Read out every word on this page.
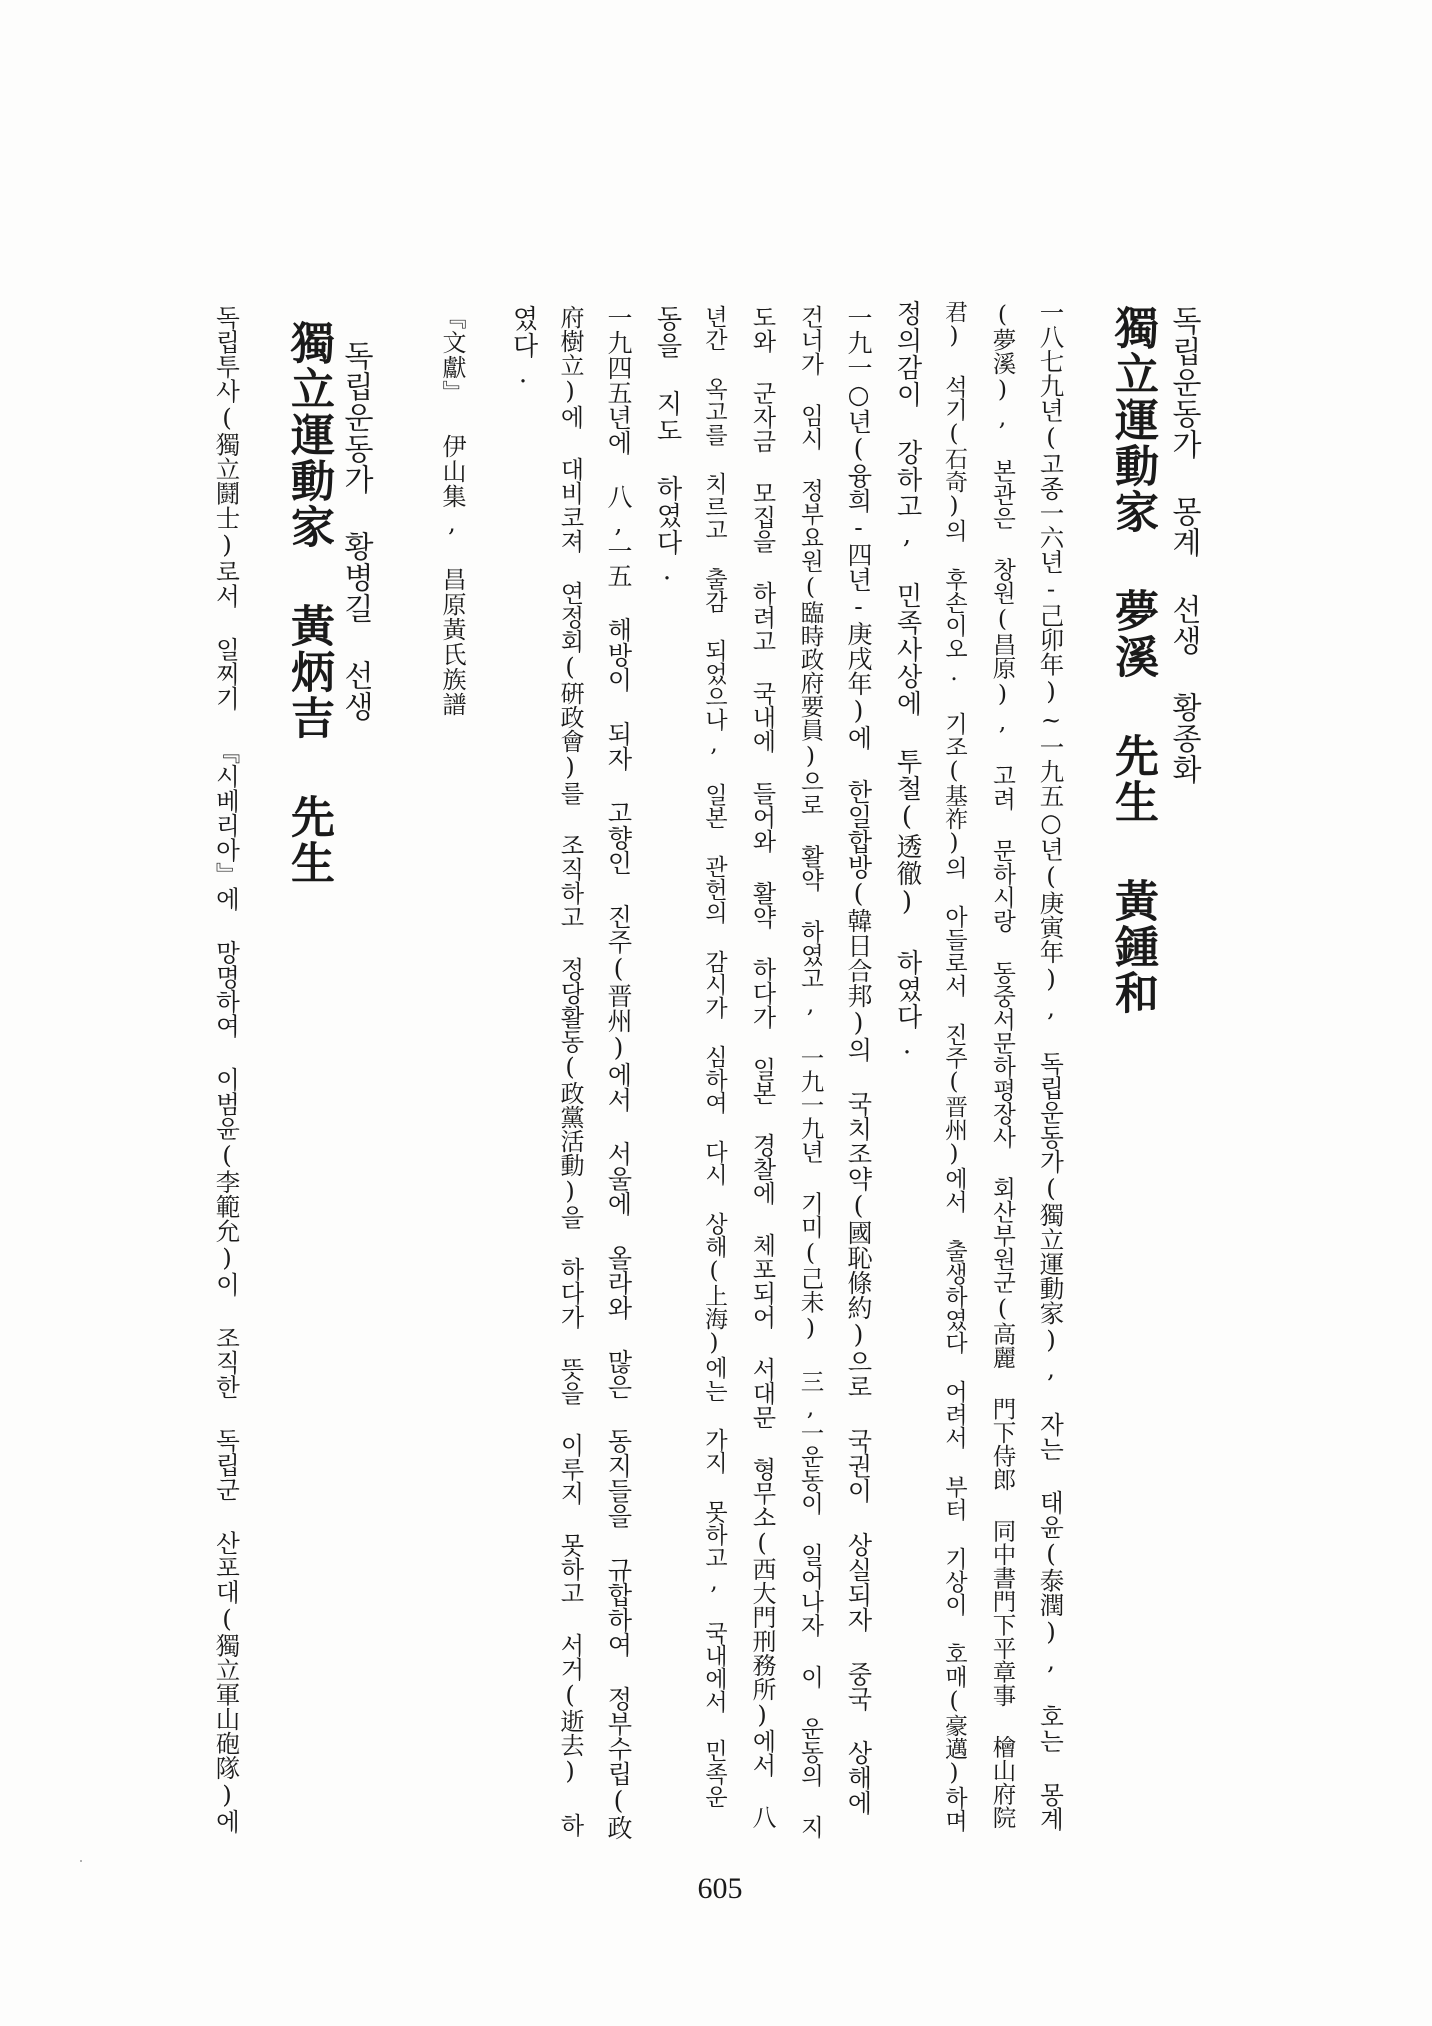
독립운동가 몽계 선생 황종화
獨立運動家 夢溪 先生 黃鍾和
一八七九년(고종一六년-己卯年)~一九五○년(庚寅年), 독립운동가(獨立運動家), 자는 태윤(泰潤), 호는 몽계
(夢溪), 본관은 창원(昌原), 고려 문하시랑 동중서문하평장사 회산부원군(高麗 門下侍郎 同中書門下平章事 檜山府院
君) 석기(石奇)의 후손이오. 기조(基祚)의 아들로서 진주(晋州)에서 출생하였다 어려서 부터 기상이 호매(豪邁)하며
정의감이 강하고, 민족사상에 투철(透徹) 하였다.
一九一○년(융희-四년-庚戌年)에 한일합방(韓日合邦)의 국치조약(國恥條約)으로 국권이 상실되자 중국 상해에
건너가 임시 정부요원(臨時政府要員)으로 활약 하였고, 一九一九년 기미(己未) 三,一운동이 일어나자 이 운동의 지
도와 군자금 모집을 하려고 국내에 들어와 활약 하다가 일본 경찰에 체포되어 서대문 형무소(西大門刑務所)에서 八
년간 옥고를 치르고 출감 되었으나, 일본 관헌의 감시가 심하여 다시 상해(上海)에는 가지 못하고, 국내에서 민족운
동을 지도 하였다.
一九四五년에 八,一五 해방이 되자 고향인 진주(晋州)에서 서울에 올라와 많은 동지들을 규합하여 정부수립(政
府樹立)에 대비코져 연정회(硏政會)를 조직하고 정당활동(政黨活動)을 하다가 뜻을 이루지 못하고 서거(逝去) 하
였다.
『文獻』 伊山集, 昌原黃氏族譜
독립운동가 황병길 선생
獨立運動家 黃炳吉 先生
독립투사(獨立鬪士)로서 일찌기 『시베리아』에 망명하여 이범윤(李範允)이 조직한 독립군 산포대(獨立軍山砲隊)에
605
